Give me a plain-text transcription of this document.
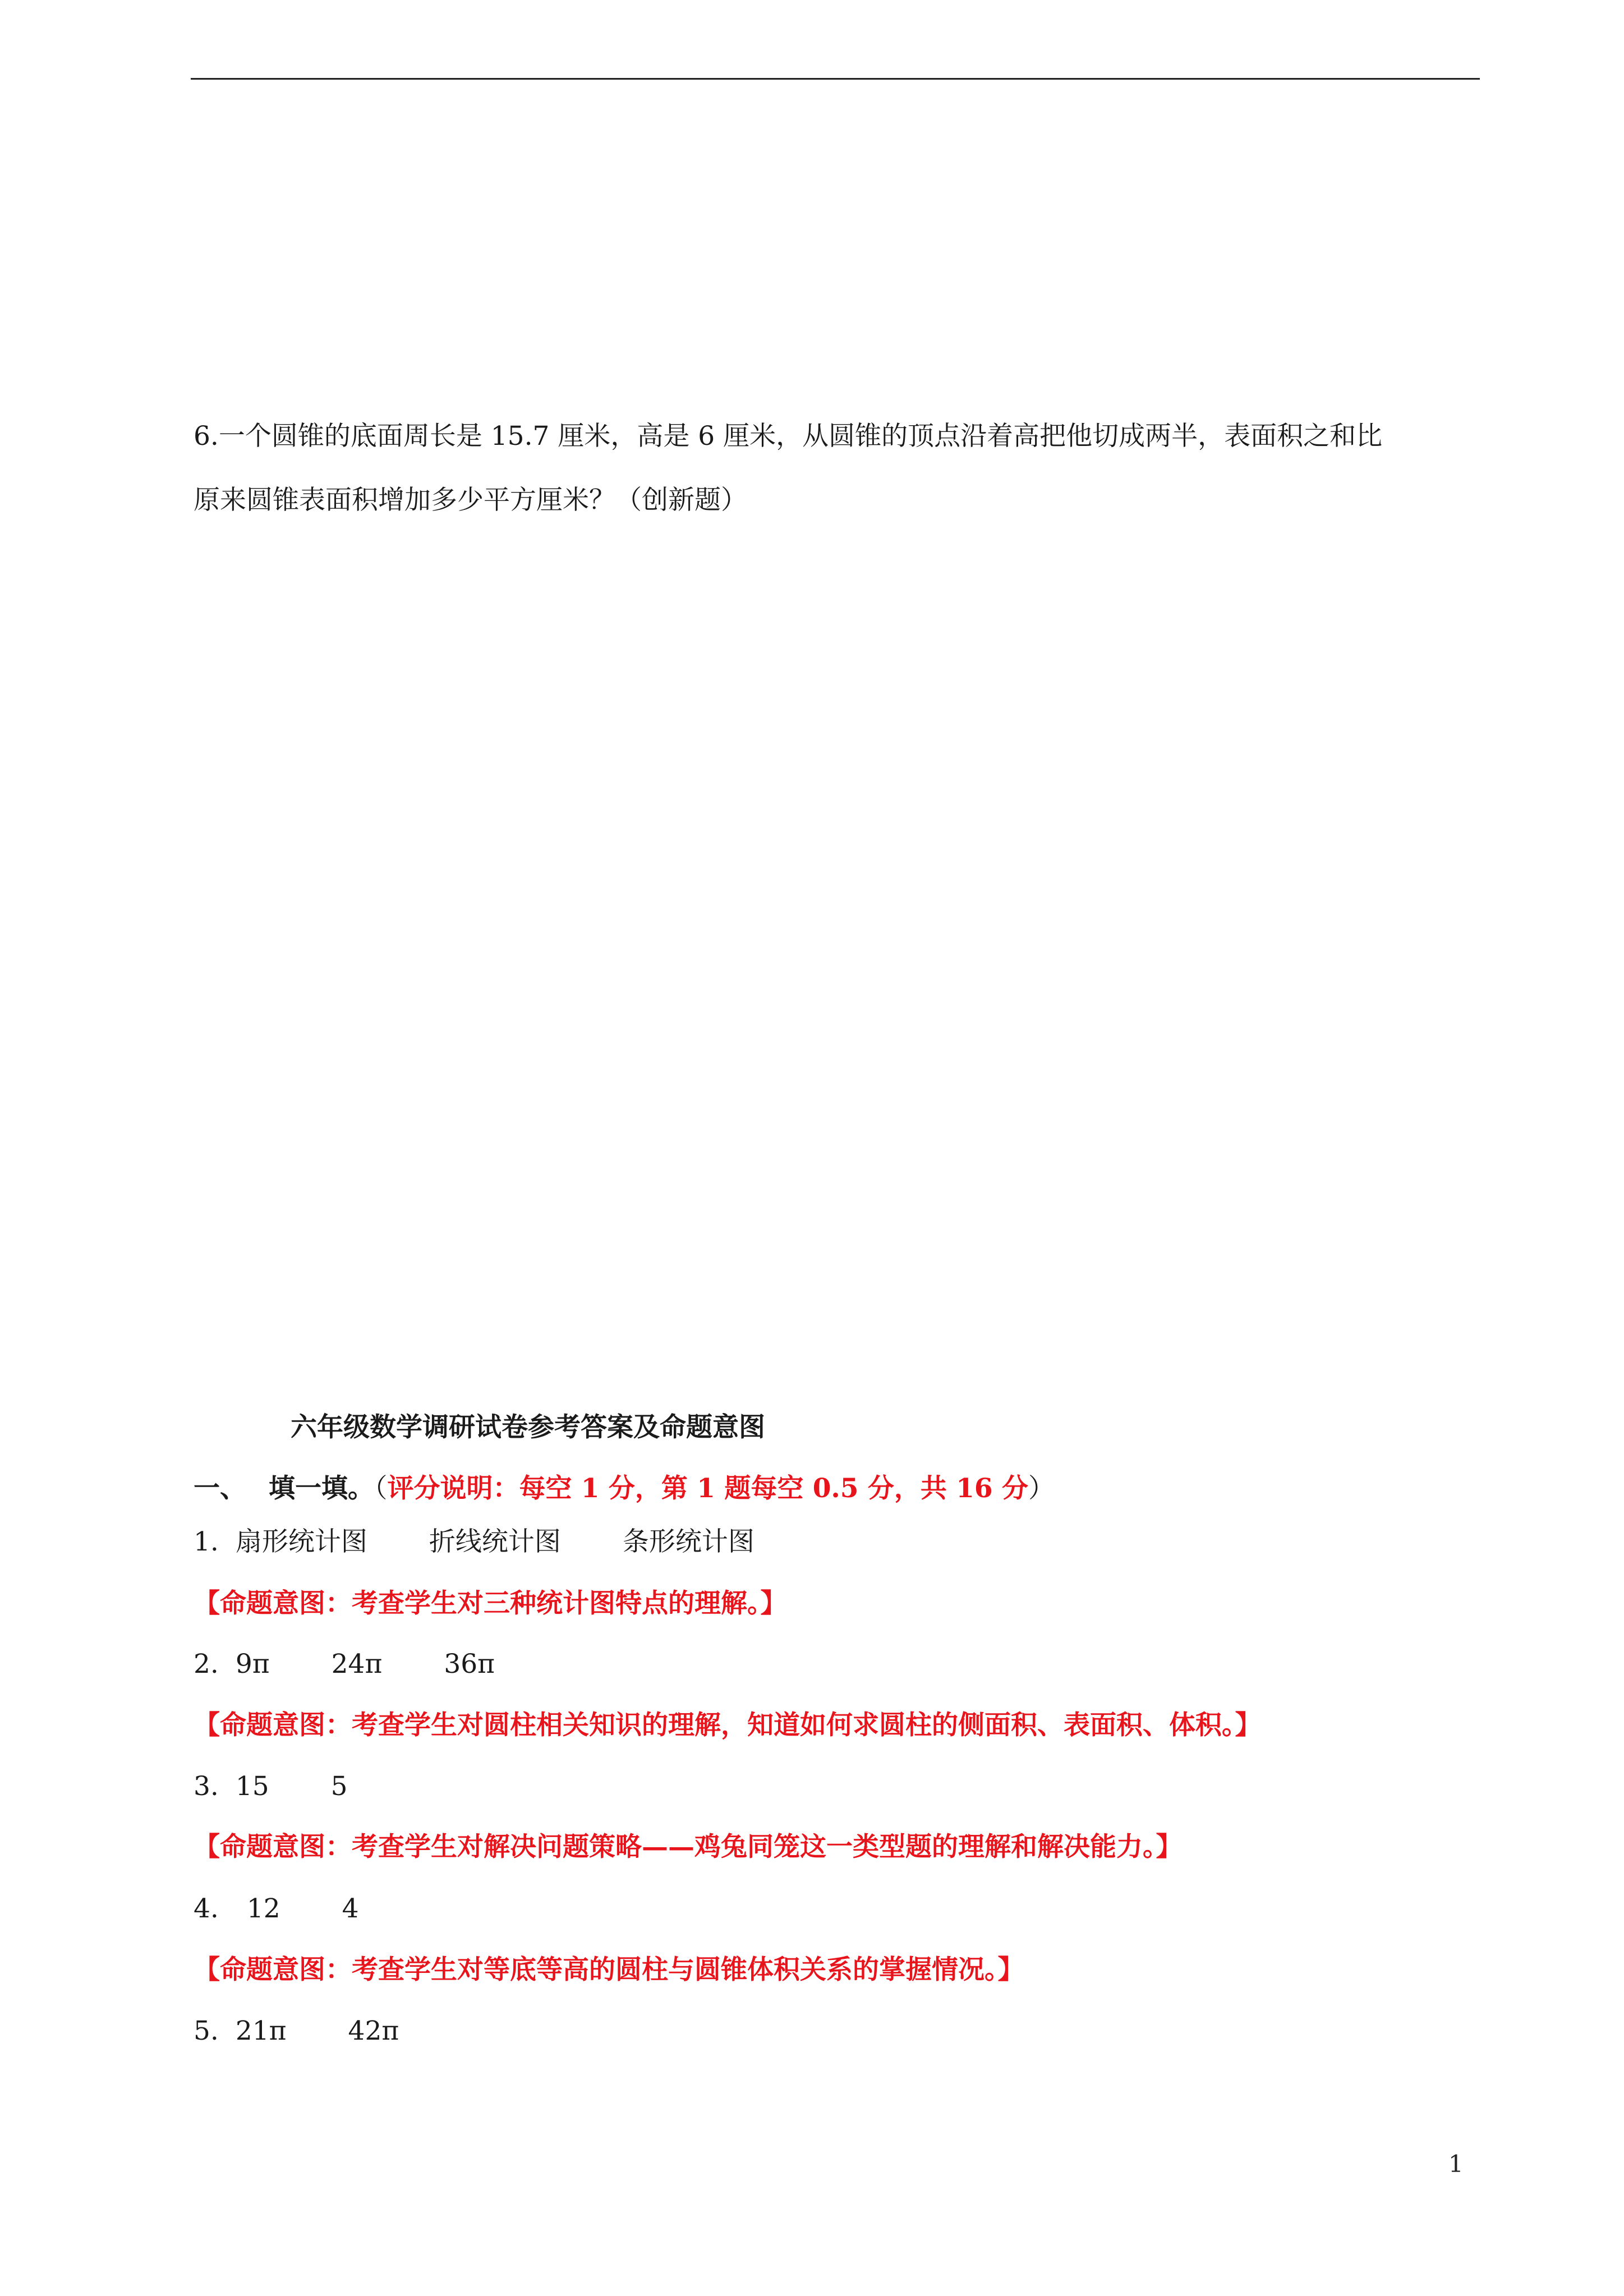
6.一个圆锥的底面周长是 15.7 厘米，高是 6 厘米，从圆锥的顶点沿着高把他切成两半，表面积之和比
原来圆锥表面积增加多少平方厘米？（创新题）
六年级数学调研试卷参考答案及命题意图
一、 填一填。（评分说明：每空 1 分，第 1 题每空 0.5 分，共 16 分）
1. 扇形统计图 折线统计图 条形统计图
【命题意图：考查学生对三种统计图特点的理解。】
2. 9π 24π 36π
【命题意图：考查学生对圆柱相关知识的理解，知道如何求圆柱的侧面积、表面积、体积。】
3. 15 5
【命题意图：考查学生对解决问题策略——鸡兔同笼这一类型题的理解和解决能力。】
4. 12 4
【命题意图：考查学生对等底等高的圆柱与圆锥体积关系的掌握情况。】
5. 21π 42π
1
